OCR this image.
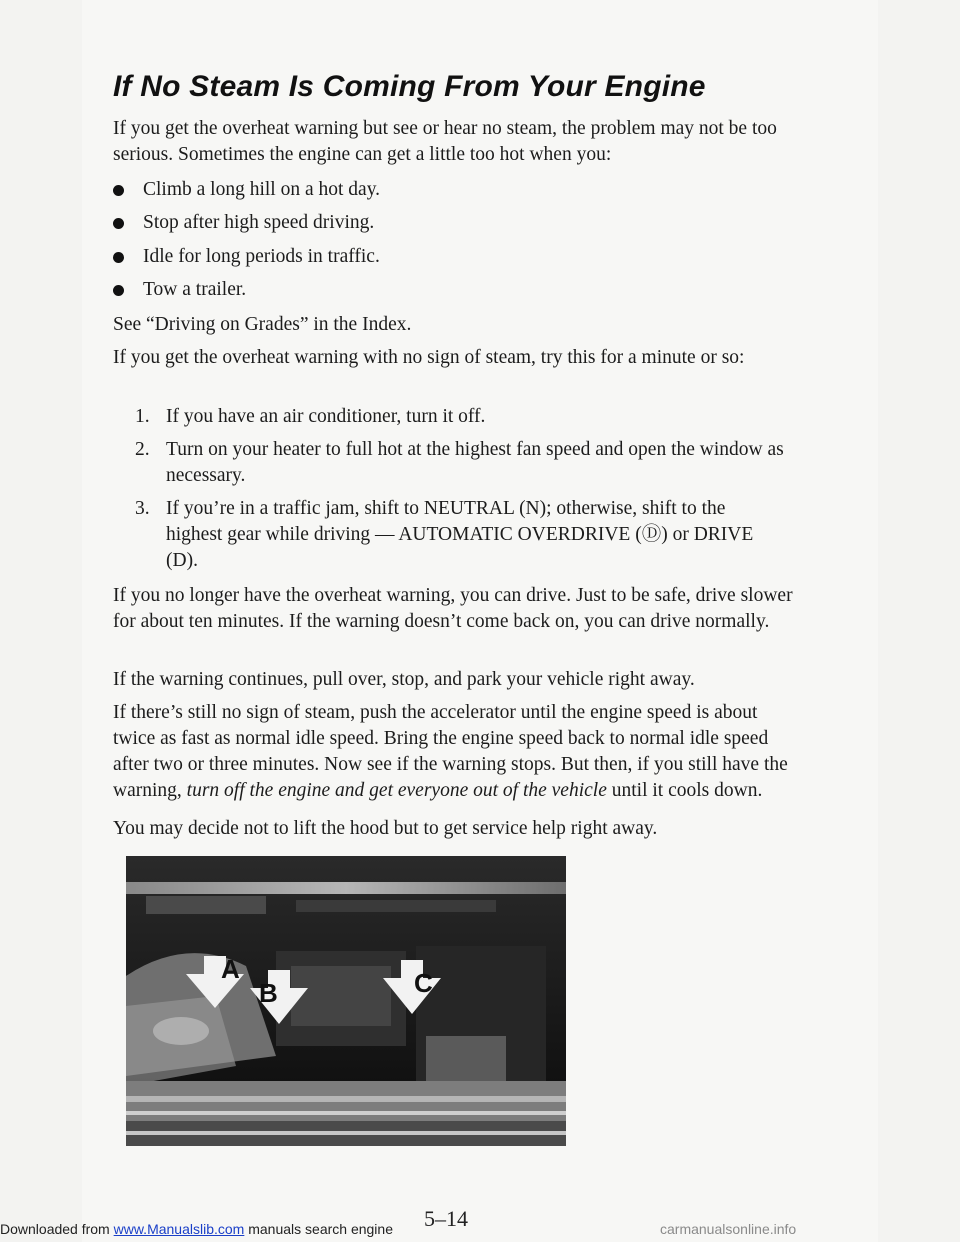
If No Steam Is Coming From Your Engine

If you get the overheat warning but see or hear no steam, the problem may not be too serious. Sometimes the engine can get a little too hot when you:

Climb a long hill on a hot day.
Stop after high speed driving.
Idle for long periods in traffic.
Tow a trailer.

See “Driving on Grades” in the Index.

If you get the overheat warning with no sign of steam, try this for a minute or so:

1. If you have an air conditioner, turn it off.
2. Turn on your heater to full hot at the highest fan speed and open the window as necessary.
3. If you’re in a traffic jam, shift to NEUTRAL (N); otherwise, shift to the highest gear while driving — AUTOMATIC OVERDRIVE (Ⓓ) or DRIVE (D).

If you no longer have the overheat warning, you can drive. Just to be safe, drive slower for about ten minutes. If the warning doesn’t come back on, you can drive normally.

If the warning continues, pull over, stop, and park your vehicle right away.

If there’s still no sign of steam, push the accelerator until the engine speed is about twice as fast as normal idle speed. Bring the engine speed back to normal idle speed after two or three minutes. Now see if the warning stops. But then, if you still have the warning, turn off the engine and get everyone out of the vehicle until it cools down.

You may decide not to lift the hood but to get service help right away.

A
B	C
5–14
Downloaded from www.Manualslib.com manuals search engine	carmanualsonline.info
